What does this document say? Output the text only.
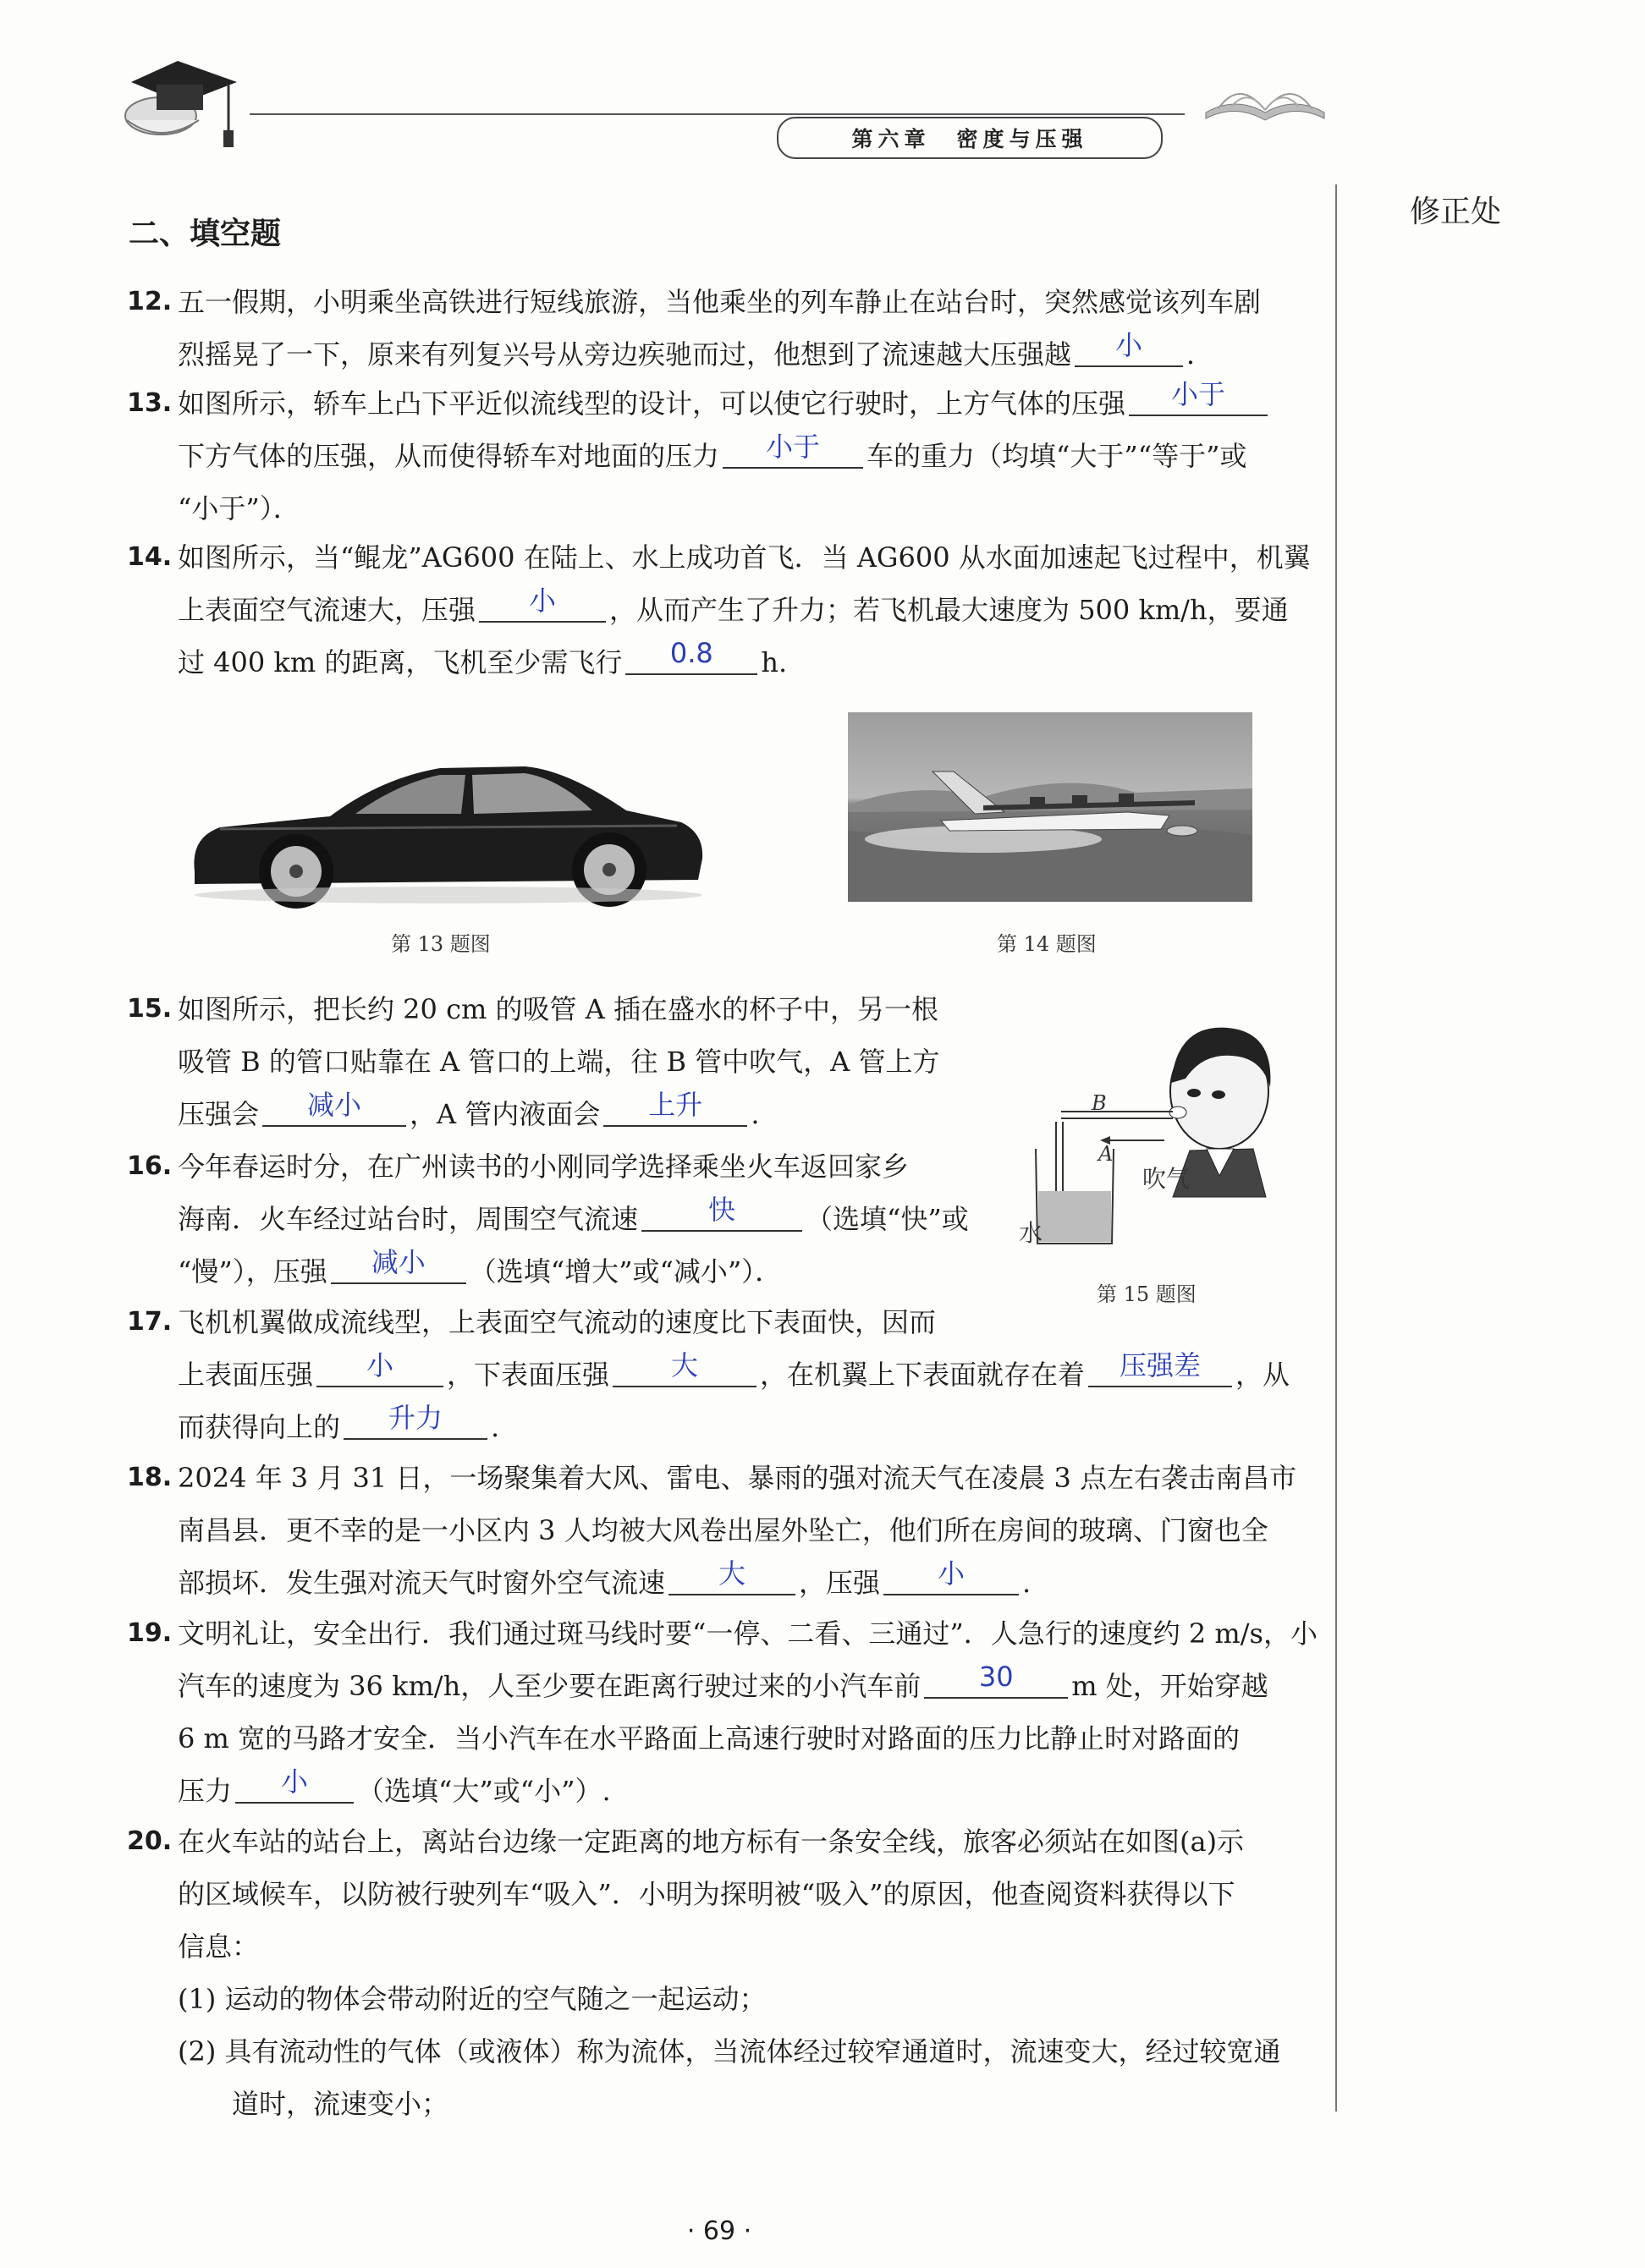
第六章　密度与压强
修正处
二、填空题
12. 五一假期，小明乘坐高铁进行短线旅游，当他乘坐的列车静止在站台时，突然感觉该列车剧
烈摇晃了一下，原来有列复兴号从旁边疾驰而过，他想到了流速越大压强越	小	．
13. 如图所示，轿车上凸下平近似流线型的设计，可以使它行驶时，上方气体的压强	小于
下方气体的压强，从而使得轿车对地面的压力	小于	车的重力（均填“大于”“等于”或
“小于”）．
14. 如图所示，当“鲲龙”AG600 在陆上、水上成功首飞．当 AG600 从水面加速起飞过程中，机翼
上表面空气流速大，压强	小	，从而产生了升力；若飞机最大速度为 500 km/h，要通
过 400 km 的距离，飞机至少需飞行	0.8	h.
第 13 题图	第 14 题图
15. 如图所示，把长约 20 cm 的吸管 A 插在盛水的杯子中，另一根
吸管 B 的管口贴靠在 A 管口的上端，往 B 管中吹气，A 管上方
压强会	减小	，A 管内液面会	上升	.
16. 今年春运时分，在广州读书的小刚同学选择乘坐火车返回家乡
海南．火车经过站台时，周围空气流速	快	（选填“快”或
“慢”），压强	减小	（选填“增大”或“减小”）．
B
A
吹气
水
第 15 题图
17. 飞机机翼做成流线型，上表面空气流动的速度比下表面快，因而
上表面压强	小	，下表面压强	大	，在机翼上下表面就存在着	压强差	，从
而获得向上的	升力	.
18. 2024 年 3 月 31 日，一场聚集着大风、雷电、暴雨的强对流天气在凌晨 3 点左右袭击南昌市
南昌县．更不幸的是一小区内 3 人均被大风卷出屋外坠亡，他们所在房间的玻璃、门窗也全
部损坏．发生强对流天气时窗外空气流速	大	，压强	小	.
19. 文明礼让，安全出行．我们通过斑马线时要“一停、二看、三通过”．人急行的速度约 2 m/s，小
汽车的速度为 36 km/h，人至少要在距离行驶过来的小汽车前	30	m 处，开始穿越
6 m 宽的马路才安全．当小汽车在水平路面上高速行驶时对路面的压力比静止时对路面的
压力	小	（选填“大”或“小”）.
20. 在火车站的站台上，离站台边缘一定距离的地方标有一条安全线，旅客必须站在如图(a)示
的区域候车，以防被行驶列车“吸入”．小明为探明被“吸入”的原因，他查阅资料获得以下
信息：
(1) 运动的物体会带动附近的空气随之一起运动；
(2) 具有流动性的气体（或液体）称为流体，当流体经过较窄通道时，流速变大，经过较宽通
道时，流速变小；
· 69 ·
